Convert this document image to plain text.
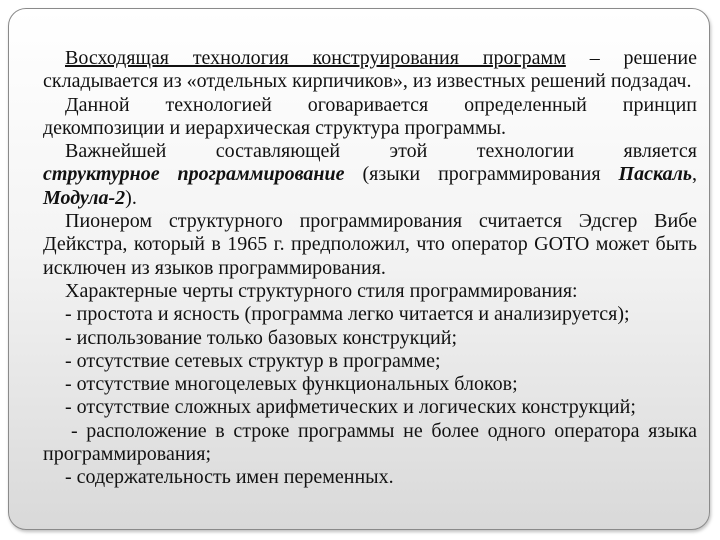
Восходящая технология конструирования программ – решение складывается из «отдельных кирпичиков», из известных решений подзадач.
Данной технологией оговаривается определенный принцип декомпозиции и иерархическая структура программы.
Важнейшей составляющей этой технологии является
структурное программирование (языки программирования Паскаль, Модула-2).
Пионером структурного программирования считается Эдсгер Вибе Дейкстра, который в 1965 г. предположил, что оператор GOTO может быть исключен из языков программирования.
Характерные черты структурного стиля программирования:
- простота и ясность (программа легко читается и анализируется);
- использование только базовых конструкций;
- отсутствие сетевых структур в программе;
- отсутствие многоцелевых функциональных блоков;
- отсутствие сложных арифметических и логических конструкций;
- расположение в строке программы не более одного оператора языка программирования;
- содержательность имен переменных.
